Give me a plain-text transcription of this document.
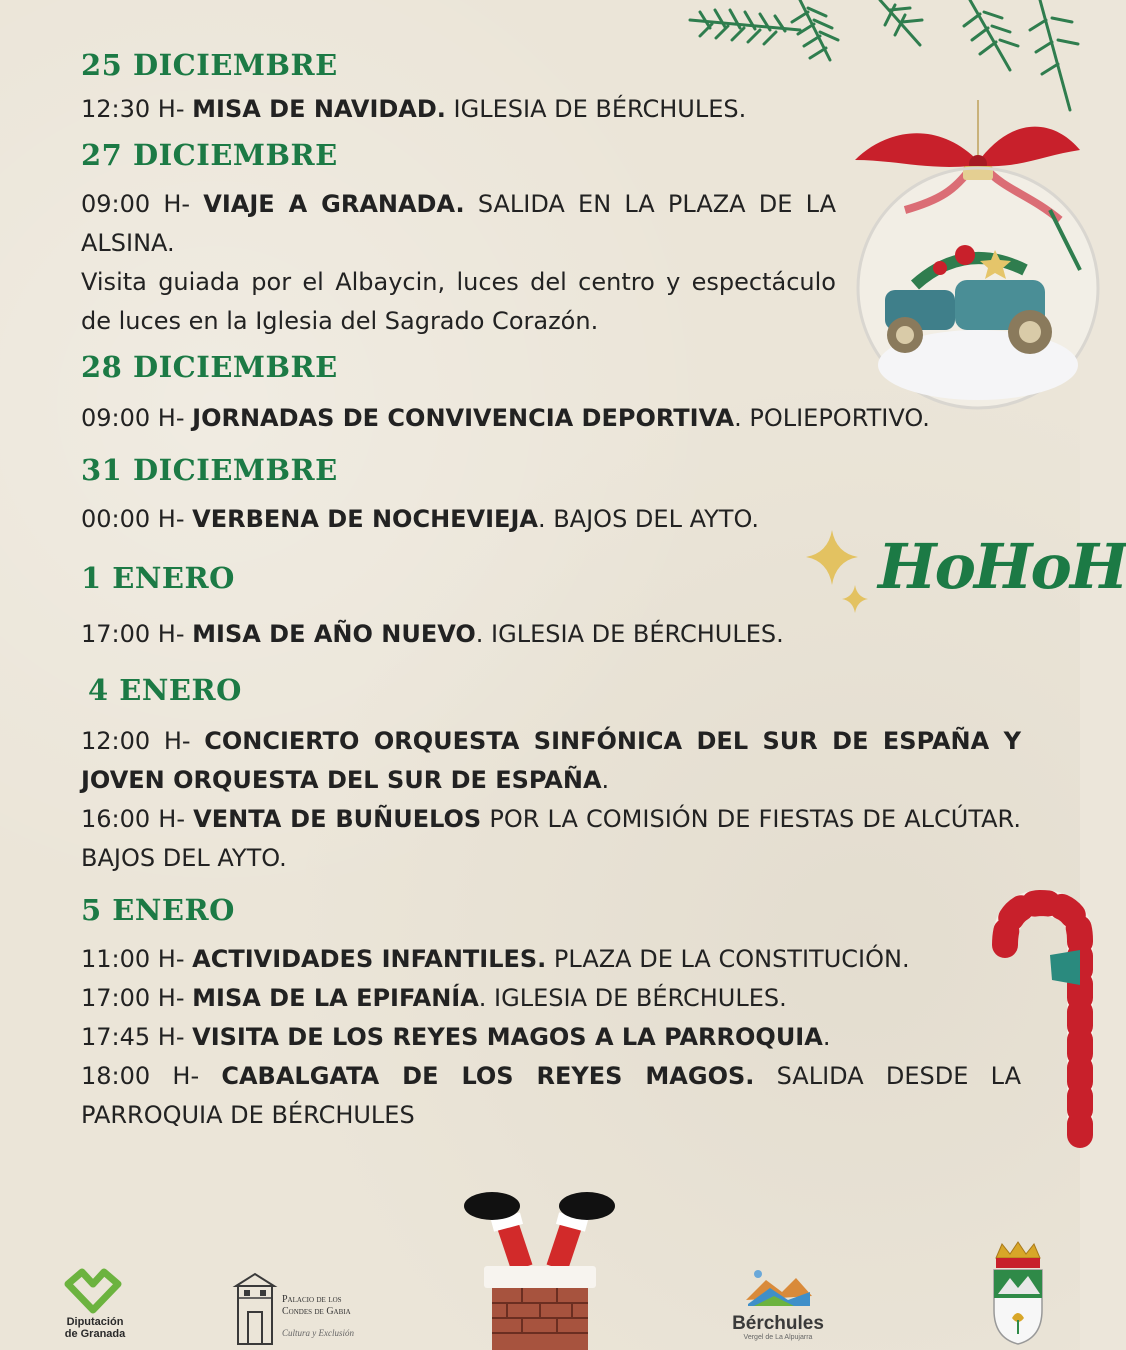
HoHoH

25 DICIEMBRE

12:30 H- MISA DE NAVIDAD. IGLESIA DE BÉRCHULES.

27 DICIEMBRE

09:00 H- VIAJE A GRANADA. SALIDA EN LA PLAZA DE LA ALSINA.

Visita guiada por el Albaycin, luces del centro y espectáculo de luces en la Iglesia del Sagrado Corazón.

28 DICIEMBRE

09:00 H- JORNADAS DE CONVIVENCIA DEPORTIVA. POLIEPORTIVO.

31 DICIEMBRE

00:00 H- VERBENA DE NOCHEVIEJA. BAJOS DEL AYTO.

1 ENERO

17:00 H- MISA DE AÑO NUEVO. IGLESIA DE BÉRCHULES.

4 ENERO

12:00 H- CONCIERTO ORQUESTA SINFÓNICA DEL SUR DE ESPAÑA Y JOVEN ORQUESTA DEL SUR DE ESPAÑA.

16:00 H- VENTA DE BUÑUELOS POR LA COMISIÓN DE FIESTAS DE ALCÚTAR. BAJOS DEL AYTO.

5 ENERO

11:00 H- ACTIVIDADES INFANTILES. PLAZA DE LA CONSTITUCIÓN.

17:00 H- MISA DE LA EPIFANÍA. IGLESIA DE BÉRCHULES.

17:45 H- VISITA DE LOS REYES MAGOS A LA PARROQUIA.

18:00 H- CABALGATA DE LOS REYES MAGOS. SALIDA DESDE LA PARROQUIA DE BÉRCHULES

Diputación
de Granada

Palacio de los
Condes de Gabia

Cultura y Exclusión	Bérchules

Vergel de La Alpujarra
